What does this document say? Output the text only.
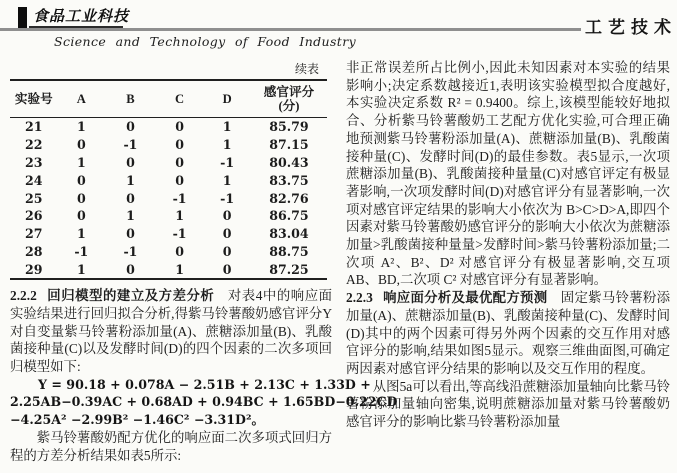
食品工业科技
工艺技术
Science and Technology of Food Industry
续表
实验号	A	B	C	D	感官评分
(分)

21	1	0	0	1	85.79
22	0	-1	0	1	87.15
23	1	0	0	-1	80.43
24	0	1	0	1	83.75
25	0	0	-1	-1	82.76
26	0	1	1	0	86.75
27	1	0	-1	0	83.04
28	-1	-1	0	0	88.75
29	1	0	1	0	87.25

2.2.2 回归模型的建立及方差分析 对表4中的响应面实验结果进行回归拟合分析,得紫马铃薯酸奶感官评分Y对自变量紫马铃薯粉添加量(A)、蔗糖添加量(B)、乳酸菌接种量(C)以及发酵时间(D)的四个因素的二次多项回归模型如下:

Y = 90.18 + 0.078A − 2.51B + 2.13C + 1.33D +
2.25AB−0.39AC + 0.68AD + 0.94BC + 1.65BD−0.22CD
−4.25A² −2.99B² −1.46C² −3.31D²。

紫马铃薯酸奶配方优化的响应面二次多项式回归方程的方差分析结果如表5所示:

非正常误差所占比例小,因此未知因素对本实验的结果影响小;决定系数越接近1,表明该实验模型拟合度越好,本实验决定系数 R² = 0.9400。综上,该模型能较好地拟合、分析紫马铃薯酸奶工艺配方优化实验,可合理正确地预测紫马铃薯粉添加量(A)、蔗糖添加量(B)、乳酸菌接种量(C)、发酵时间(D)的最佳参数。表5显示,一次项蔗糖添加量(B)、乳酸菌接种量量(C)对感官评定有极显著影响,一次项发酵时间(D)对感官评分有显著影响,一次项对感官评定结果的影响大小依次为 B>C>D>A,即四个因素对紫马铃薯酸奶感官评分的影响大小依次为蔗糖添加量>乳酸菌接种量量>发酵时间>紫马铃薯粉添加量;二次项 A²、B²、D² 对感官评分有极显著影响,交互项 AB、BD,二次项 C² 对感官评分有显著影响。

2.2.3 响应面分析及最优配方预测 固定紫马铃薯粉添加量(A)、蔗糖添加量(B)、乳酸菌接种量(C)、发酵时间(D)其中的两个因素可得另外两个因素的交互作用对感官评分的影响,结果如图5显示。观察三维曲面图,可确定两因素对感官评分结果的影响以及交互作用的程度。

从图5a可以看出,等高线沿蔗糖添加量轴向比紫马铃薯粉添加量轴向密集,说明蔗糖添加量对紫马铃薯酸奶感官评分的影响比紫马铃薯粉添加量
